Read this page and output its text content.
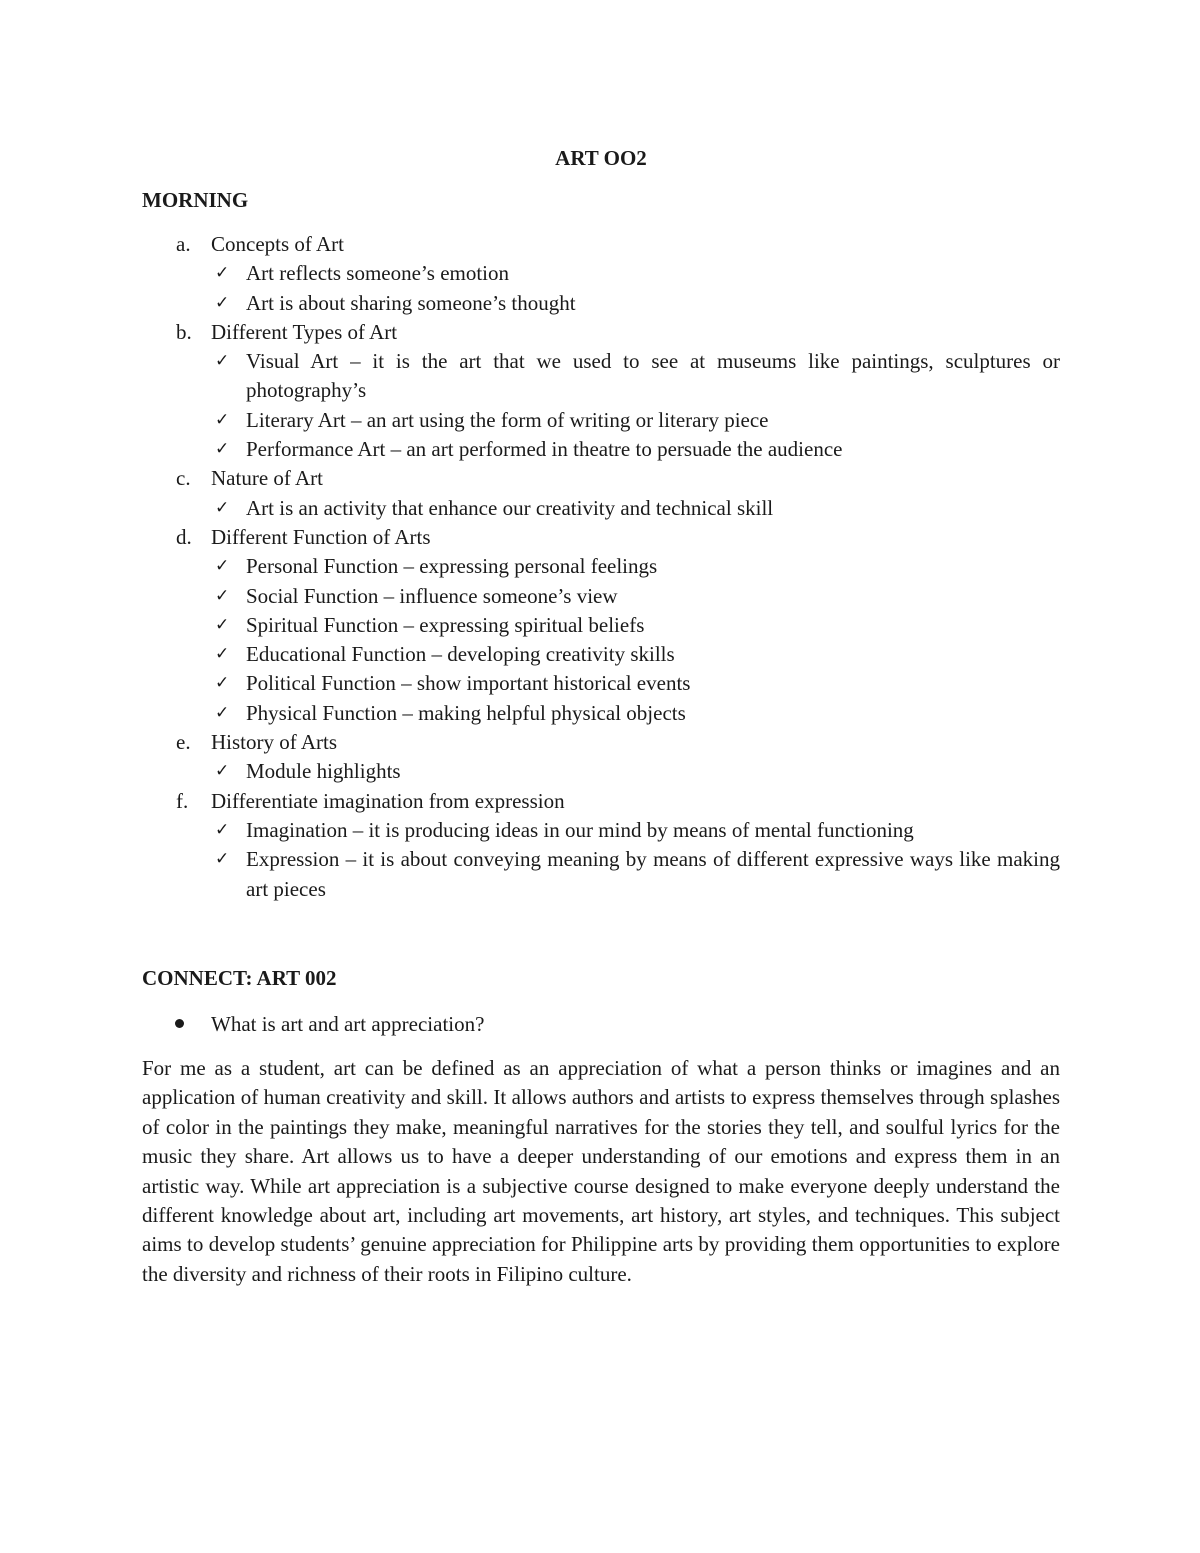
ART OO2
MORNING
a. Concepts of Art
✓ Art reflects someone’s emotion
✓ Art is about sharing someone’s thought
b. Different Types of Art
✓ Visual Art – it is the art that we used to see at museums like paintings, sculptures or photography’s
✓ Literary Art – an art using the form of writing or literary piece
✓ Performance Art – an art performed in theatre to persuade the audience
c. Nature of Art
✓ Art is an activity that enhance our creativity and technical skill
d. Different Function of Arts
✓ Personal Function – expressing personal feelings
✓ Social Function – influence someone’s view
✓ Spiritual Function – expressing spiritual beliefs
✓ Educational Function – developing creativity skills
✓ Political Function – show important historical events
✓ Physical Function – making helpful physical objects
e. History of Arts
✓ Module highlights
f. Differentiate imagination from expression
✓ Imagination – it is producing ideas in our mind by means of mental functioning
✓ Expression – it is about conveying meaning by means of different expressive ways like making art pieces
CONNECT: ART 002
What is art and art appreciation?

For me as a student, art can be defined as an appreciation of what a person thinks or imagines and an application of human creativity and skill. It allows authors and artists to express themselves through splashes of color in the paintings they make, meaningful narratives for the stories they tell, and soulful lyrics for the music they share. Art allows us to have a deeper understanding of our emotions and express them in an artistic way. While art appreciation is a subjective course designed to make everyone deeply understand the different knowledge about art, including art movements, art history, art styles, and techniques. This subject aims to develop students’ genuine appreciation for Philippine arts by providing them opportunities to explore the diversity and richness of their roots in Filipino culture.
